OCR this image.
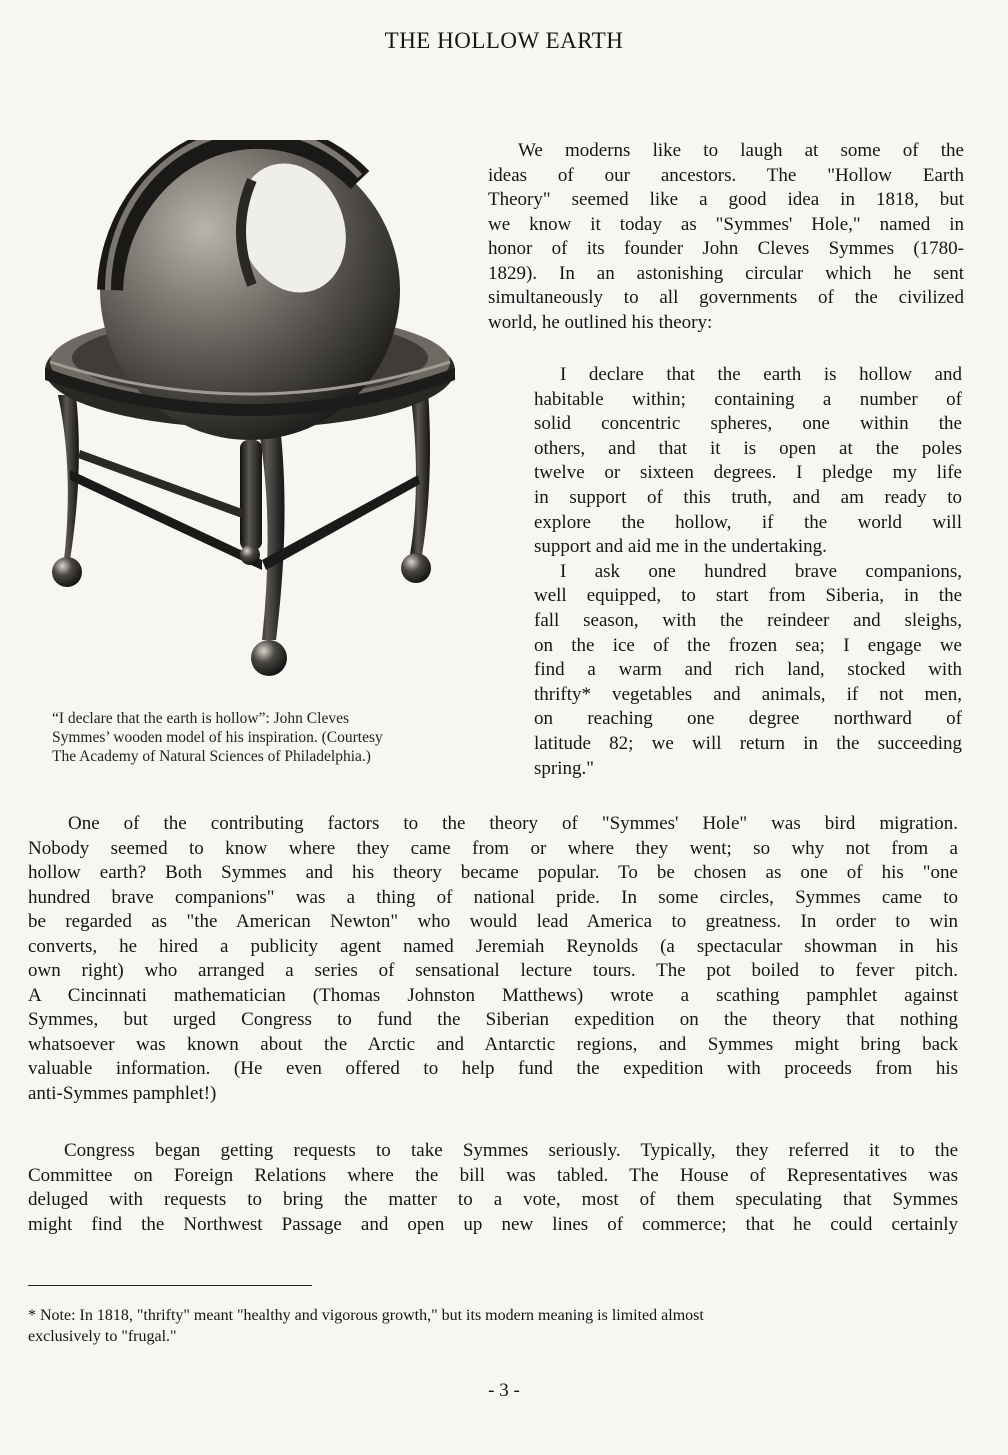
THE HOLLOW EARTH
“I declare that the earth is hollow”: John Cleves
Symmes’ wooden model of his inspiration. (Courtesy
The Academy of Natural Sciences of Philadelphia.)
We moderns like to laugh at some of the
ideas of our ancestors. The "Hollow Earth
Theory" seemed like a good idea in 1818, but
we know it today as "Symmes' Hole," named in
honor of its founder John Cleves Symmes (1780-
1829). In an astonishing circular which he sent
simultaneously to all governments of the civilized
world, he outlined his theory:
I declare that the earth is hollow and
habitable within; containing a number of
solid concentric spheres, one within the
others, and that it is open at the poles
twelve or sixteen degrees. I pledge my life
in support of this truth, and am ready to
explore the hollow, if the world will
support and aid me in the undertaking.
I ask one hundred brave companions,
well equipped, to start from Siberia, in the
fall season, with the reindeer and sleighs,
on the ice of the frozen sea; I engage we
find a warm and rich land, stocked with
thrifty* vegetables and animals, if not men,
on reaching one degree northward of
latitude 82; we will return in the succeeding
spring."
One of the contributing factors to the theory of "Symmes' Hole" was bird migration.
Nobody seemed to know where they came from or where they went; so why not from a
hollow earth? Both Symmes and his theory became popular. To be chosen as one of his "one
hundred brave companions" was a thing of national pride. In some circles, Symmes came to
be regarded as "the American Newton" who would lead America to greatness. In order to win
converts, he hired a publicity agent named Jeremiah Reynolds (a spectacular showman in his
own right) who arranged a series of sensational lecture tours. The pot boiled to fever pitch.
A Cincinnati mathematician (Thomas Johnston Matthews) wrote a scathing pamphlet against
Symmes, but urged Congress to fund the Siberian expedition on the theory that nothing
whatsoever was known about the Arctic and Antarctic regions, and Symmes might bring back
valuable information. (He even offered to help fund the expedition with proceeds from his
anti-Symmes pamphlet!)
Congress began getting requests to take Symmes seriously. Typically, they referred it to the
Committee on Foreign Relations where the bill was tabled. The House of Representatives was
deluged with requests to bring the matter to a vote, most of them speculating that Symmes
might find the Northwest Passage and open up new lines of commerce; that he could certainly
* Note: In 1818, "thrifty" meant "healthy and vigorous growth," but its modern meaning is limited almost
exclusively to "frugal."
- 3 -
